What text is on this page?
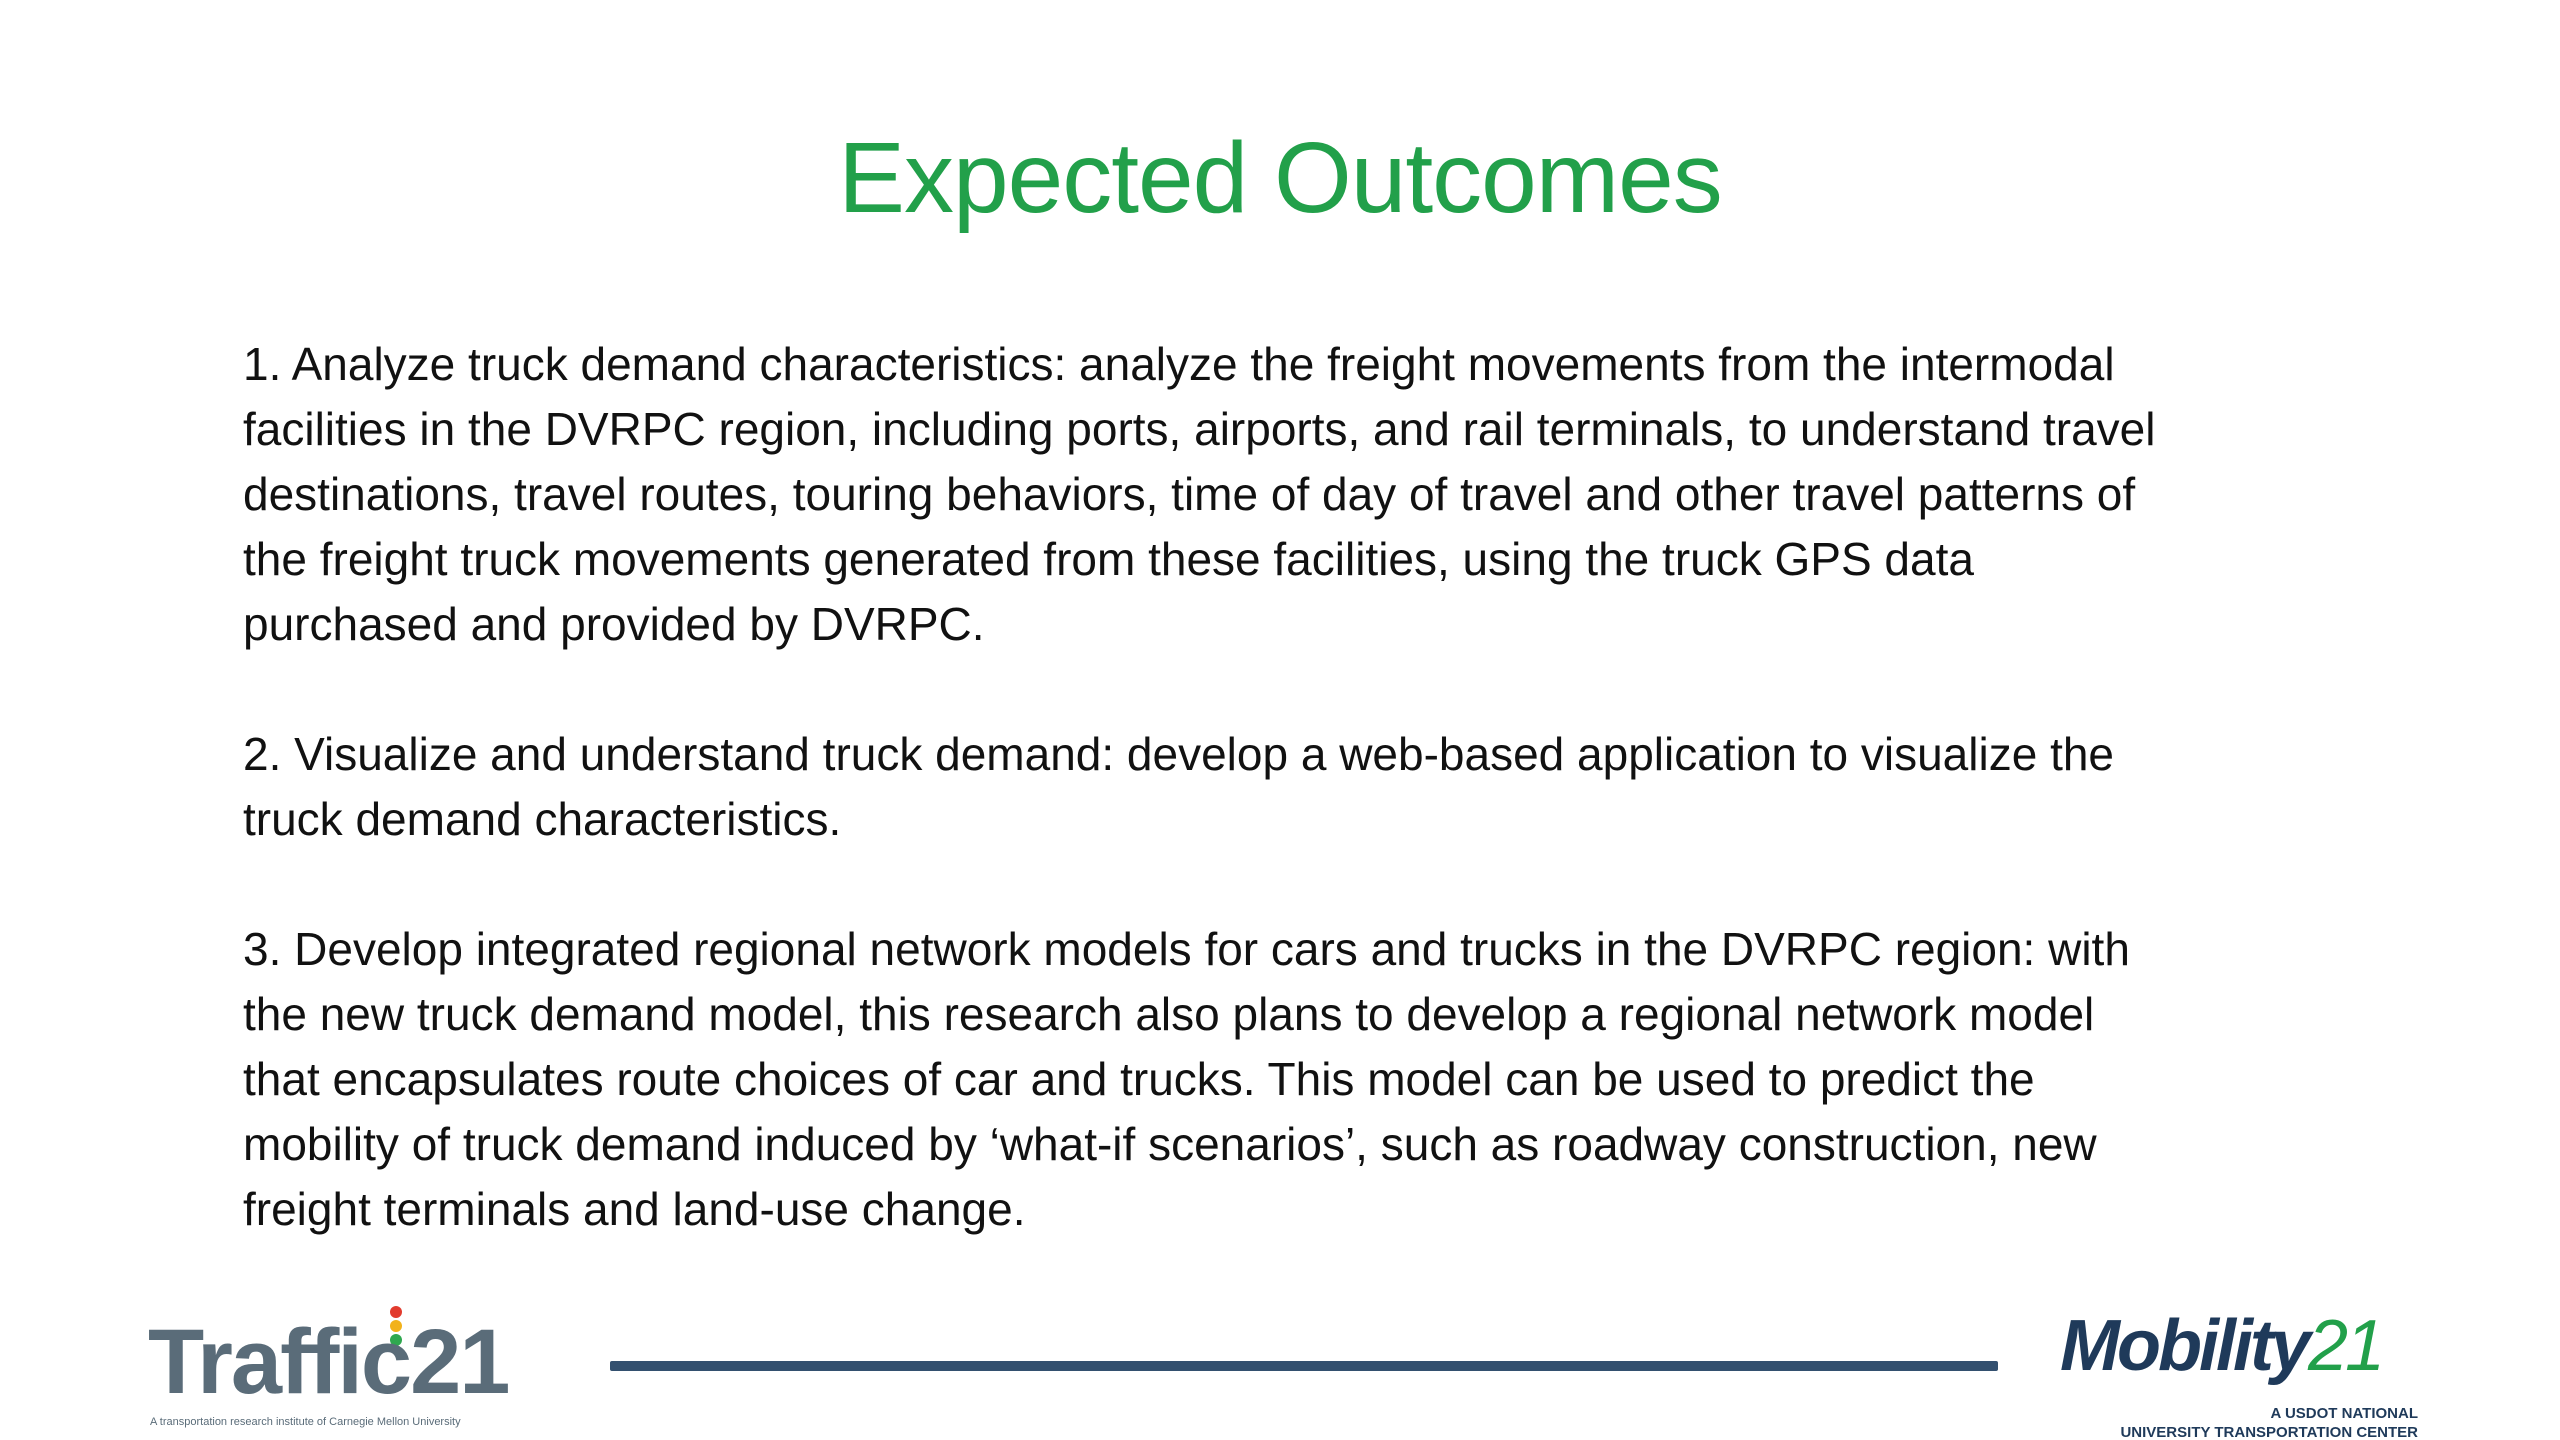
Expected Outcomes

1. Analyze truck demand characteristics: analyze the freight movements from the intermodal
facilities in the DVRPC region, including ports, airports, and rail terminals, to understand travel
destinations, travel routes, touring behaviors, time of day of travel and other travel patterns of
the freight truck movements generated from these facilities, using the truck GPS data
purchased and provided by DVRPC.

2. Visualize and understand truck demand: develop a web-based application to visualize the
truck demand characteristics.

3. Develop integrated regional network models for cars and trucks in the DVRPC region: with
the new truck demand model, this research also plans to develop a regional network model
that encapsulates route choices of car and trucks. This model can be used to predict the
mobility of truck demand induced by ‘what-if scenarios’, such as roadway construction, new
freight terminals and land-use change.

Traffic21
A transportation research institute of Carnegie Mellon University
Mobility21
A USDOT NATIONAL
UNIVERSITY TRANSPORTATION CENTER
